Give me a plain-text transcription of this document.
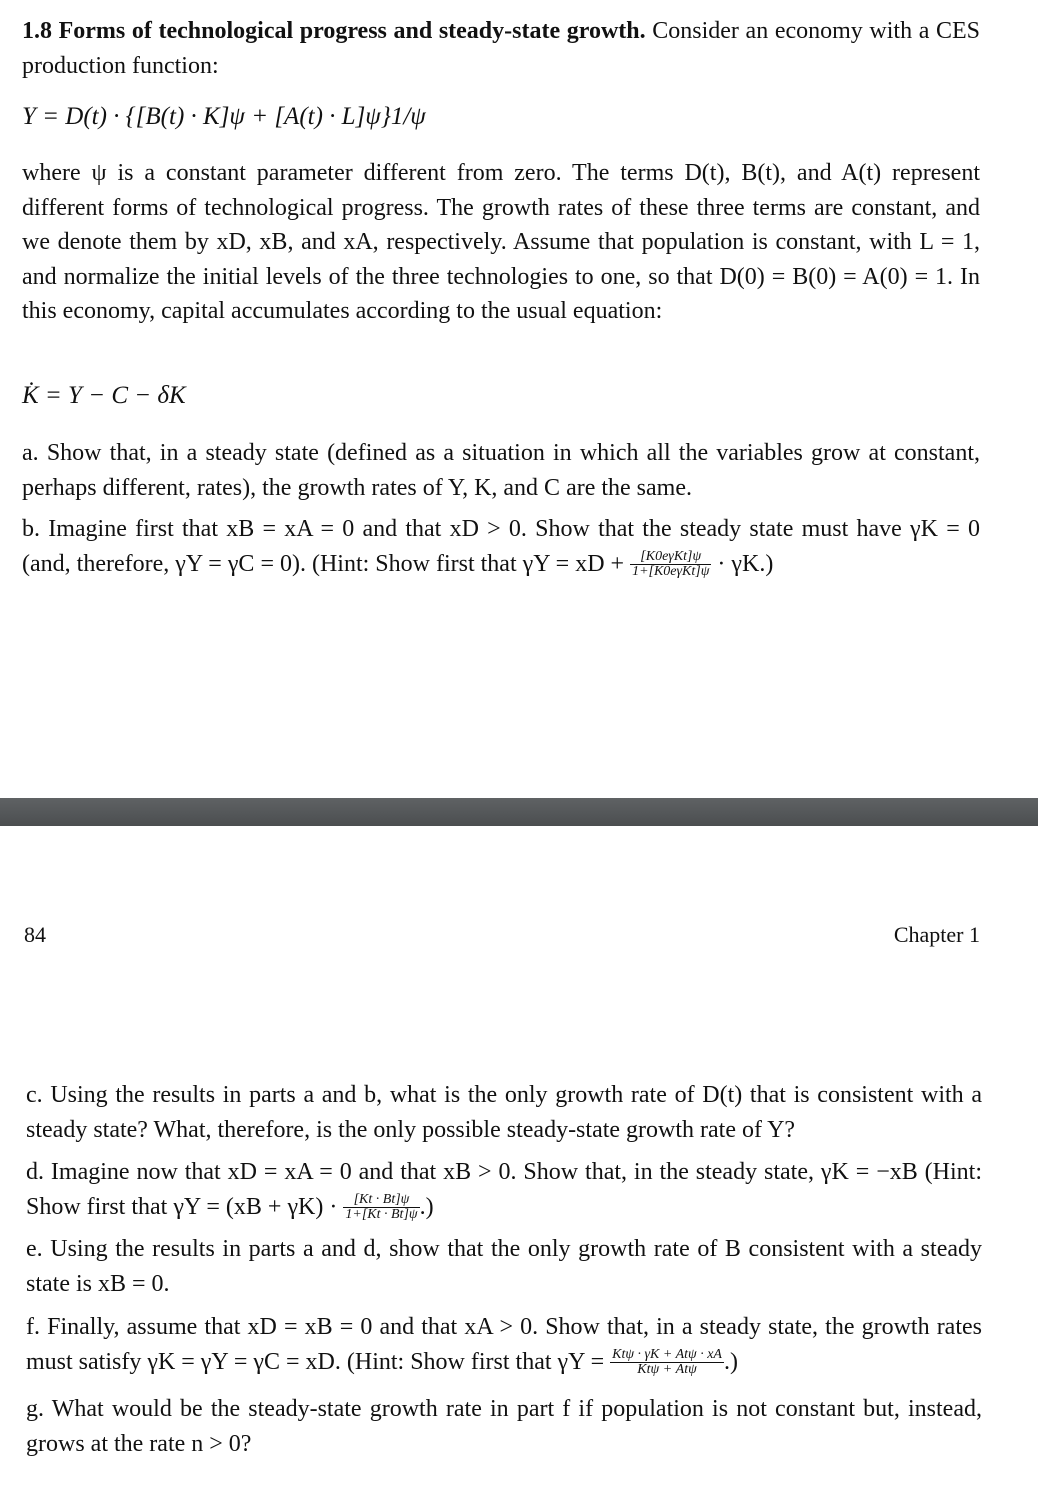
1.8 Forms of technological progress and steady-state growth. Consider an economy with a CES production function:

Y = D(t) · {[B(t) · K]ψ + [A(t) · L]ψ}1/ψ

where ψ is a constant parameter different from zero. The terms D(t), B(t), and A(t) represent different forms of technological progress. The growth rates of these three terms are constant, and we denote them by xD, xB, and xA, respectively. Assume that population is constant, with L = 1, and normalize the initial levels of the three technologies to one, so that D(0) = B(0) = A(0) = 1. In this economy, capital accumulates according to the usual equation:

K̇ = Y − C − δK

a. Show that, in a steady state (defined as a situation in which all the variables grow at constant, perhaps different, rates), the growth rates of Y, K, and C are the same.

b. Imagine first that xB = xA = 0 and that xD > 0. Show that the steady state must have γK = 0 (and, therefore, γY = γC = 0). (Hint: Show first that γY = xD + $\frac{\text{[K0eγKt]ψ}}{\text{1+[K0eγKt]ψ}} \cdot \gamma K$.)

84	Chapter 1

c. Using the results in parts a and b, what is the only growth rate of D(t) that is consistent with a steady state? What, therefore, is the only possible steady-state growth rate of Y?

d. Imagine now that xD = xA = 0 and that xB > 0. Show that, in the steady state, γK = −xB (Hint: Show first that $\gamma Y = (xB + \gamma K) \cdot \frac{[Kt \cdot Bt]\psi}{1+[Kt \cdot Bt]\psi}$ .)

e. Using the results in parts a and d, show that the only growth rate of B consistent with a steady state is xB = 0.

f. Finally, assume that xD = xB = 0 and that xA > 0. Show that, in a steady state, the growth rates must satisfy γK = γY = γC = xD. (Hint: Show first that $\gamma Y = \frac{\text{Ktψ · γK + Atψ · xA}}{\text{Ktψ + Atψ}}$ .)

g. What would be the steady-state growth rate in part f if population is not constant but, instead, grows at the rate n > 0?
